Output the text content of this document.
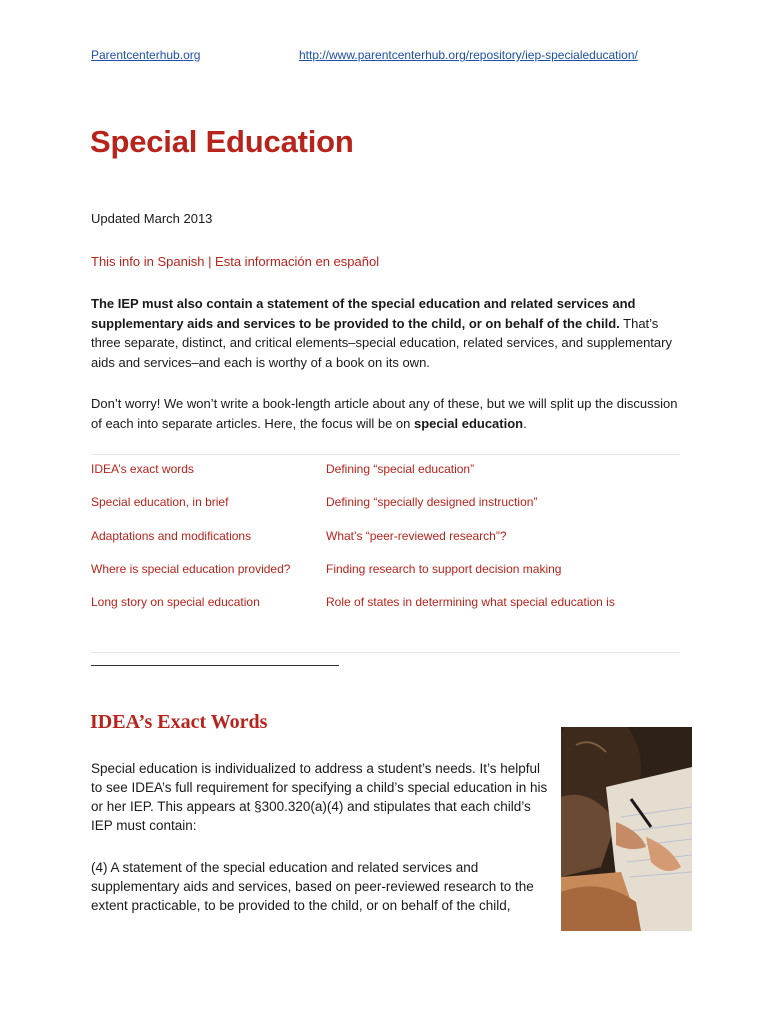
Parentcenterhub.org	http://www.parentcenterhub.org/repository/iep-specialeducation/
Special Education
Updated March 2013
This info in Spanish | Esta información en español

The IEP must also contain a statement of the special education and related services and supplementary aids and services to be provided to the child, or on behalf of the child. That’s three separate, distinct, and critical elements–special education, related services, and supplementary aids and services–and each is worthy of a book on its own.

Don’t worry! We won’t write a book-length article about any of these, but we will split up the discussion of each into separate articles. Here, the focus will be on special education.

IDEA’s exact words
Special education, in brief
Adaptations and modifications
Where is special education provided?
Long story on special education
Defining “special education”
Defining “specially designed instruction”
What’s “peer-reviewed research”?
Finding research to support decision making
Role of states in determining what special education is
IDEA’s Exact Words

Special education is individualized to address a student’s needs. It’s helpful to see IDEA’s full requirement for specifying a child’s special education in his or her IEP. This appears at §300.320(a)(4) and stipulates that each child’s IEP must contain:

(4) A statement of the special education and related services and supplementary aids and services, based on peer-reviewed research to the extent practicable, to be provided to the child, or on behalf of the child,
